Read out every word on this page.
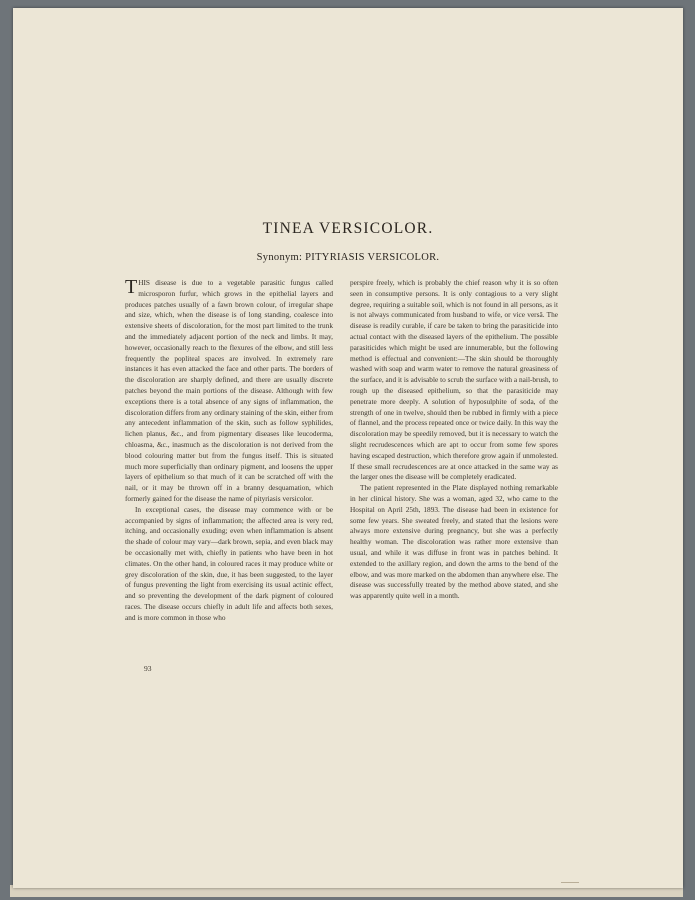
TINEA VERSICOLOR.
Synonym: PITYRIASIS VERSICOLOR.

THIS disease is due to a vegetable parasitic fungus called microsporon furfur, which grows in the epithelial layers and produces patches usually of a fawn brown colour, of irregular shape and size, which, when the disease is of long standing, coalesce into extensive sheets of discoloration, for the most part limited to the trunk and the immediately adjacent portion of the neck and limbs. It may, however, occasionally reach to the flexures of the elbow, and still less frequently the popliteal spaces are involved. In extremely rare instances it has even attacked the face and other parts. The borders of the discoloration are sharply defined, and there are usually discrete patches beyond the main portions of the disease. Although with few exceptions there is a total absence of any signs of inflammation, the discoloration differs from any ordinary staining of the skin, either from any antecedent inflammation of the skin, such as follow syphilides, lichen planus, &c., and from pigmentary diseases like leucoderma, chloasma, &c., inasmuch as the discoloration is not derived from the blood colouring matter but from the fungus itself. This is situated much more superficially than ordinary pigment, and loosens the upper layers of epithelium so that much of it can be scratched off with the nail, or it may be thrown off in a branny desquamation, which formerly gained for the disease the name of pityriasis versicolor.

In exceptional cases, the disease may commence with or be accompanied by signs of inflammation; the affected area is very red, itching, and occasionally exuding; even when inflammation is absent the shade of colour may vary—dark brown, sepia, and even black may be occasionally met with, chiefly in patients who have been in hot climates. On the other hand, in coloured races it may produce white or grey discoloration of the skin, due, it has been suggested, to the layer of fungus preventing the light from exercising its usual actinic effect, and so preventing the development of the dark pigment of coloured races. The disease occurs chiefly in adult life and affects both sexes, and is more common in those who

perspire freely, which is probably the chief reason why it is so often seen in consumptive persons. It is only contagious to a very slight degree, requiring a suitable soil, which is not found in all persons, as it is not always communicated from husband to wife, or vice versâ. The disease is readily curable, if care be taken to bring the parasiticide into actual contact with the diseased layers of the epithelium. The possible parasiticides which might be used are innumerable, but the following method is effectual and convenient:—The skin should be thoroughly washed with soap and warm water to remove the natural greasiness of the surface, and it is advisable to scrub the surface with a nail-brush, to rough up the diseased epithelium, so that the parasiticide may penetrate more deeply. A solution of hyposulphite of soda, of the strength of one in twelve, should then be rubbed in firmly with a piece of flannel, and the process repeated once or twice daily. In this way the discoloration may be speedily removed, but it is necessary to watch the slight recrudescences which are apt to occur from some few spores having escaped destruction, which therefore grow again if unmolested. If these small recrudescences are at once attacked in the same way as the larger ones the disease will be completely eradicated.

The patient represented in the Plate displayed nothing remarkable in her clinical history. She was a woman, aged 32, who came to the Hospital on April 25th, 1893. The disease had been in existence for some few years. She sweated freely, and stated that the lesions were always more extensive during pregnancy, but she was a perfectly healthy woman. The discoloration was rather more extensive than usual, and while it was diffuse in front was in patches behind. It extended to the axillary region, and down the arms to the bend of the elbow, and was more marked on the abdomen than anywhere else. The disease was successfully treated by the method above stated, and she was apparently quite well in a month.

93
